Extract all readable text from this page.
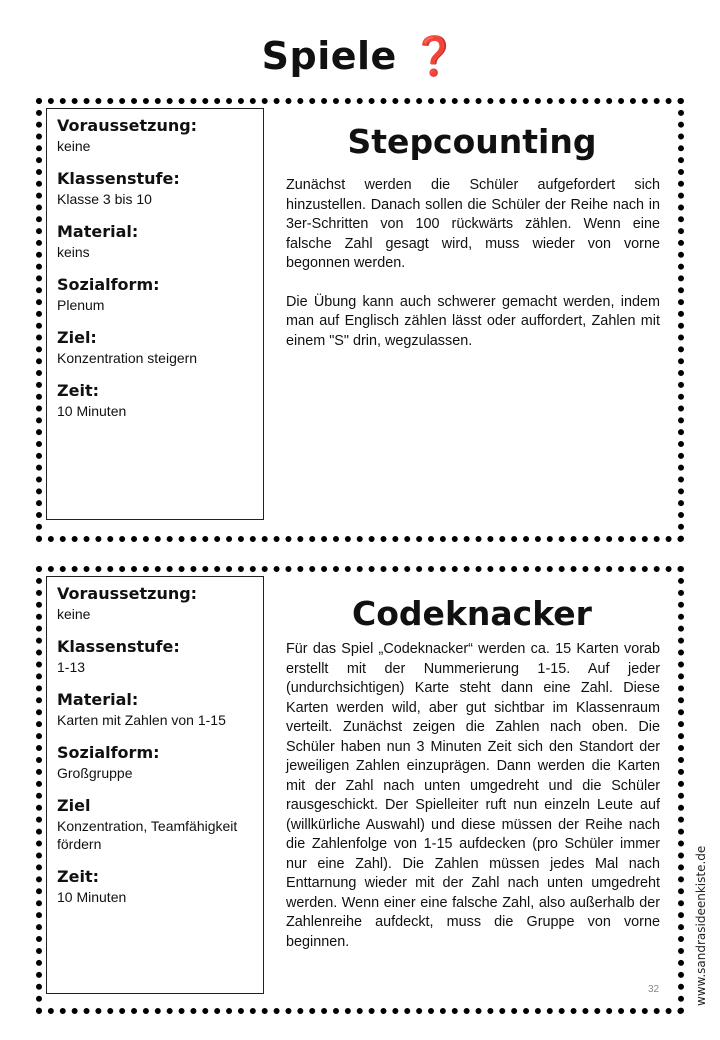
Spiele ❓
Voraussetzung:
keine
Klassenstufe:
Klasse 3 bis 10
Material:
keins
Sozialform:
Plenum
Ziel:
Konzentration steigern
Zeit:
10 Minuten
Stepcounting

Zunächst werden die Schüler aufgefordert sich hinzustellen. Danach sollen die Schüler der Reihe nach in 3er-Schritten von 100 rückwärts zählen. Wenn eine falsche Zahl gesagt wird, muss wieder von vorne begonnen werden.

Die Übung kann auch schwerer gemacht werden, indem man auf Englisch zählen lässt oder auffordert, Zahlen mit einem "S" drin, wegzulassen.

Voraussetzung:
keine
Klassenstufe:
1-13
Material:
Karten mit Zahlen von 1-15
Sozialform:
Großgruppe
Ziel
Konzentration, Teamfähigkeit fördern
Zeit:
10 Minuten
Codeknacker

Für das Spiel „Codeknacker“ werden ca. 15 Karten vorab erstellt mit der Nummerierung 1-15. Auf jeder (undurchsichtigen) Karte steht dann eine Zahl. Diese Karten werden wild, aber gut sichtbar im Klassenraum verteilt. Zunächst zeigen die Zahlen nach oben. Die Schüler haben nun 3 Minuten Zeit sich den Standort der jeweiligen Zahlen einzuprägen. Dann werden die Karten mit der Zahl nach unten umgedreht und die Schüler rausgeschickt. Der Spielleiter ruft nun einzeln Leute auf (willkürliche Auswahl) und diese müssen der Reihe nach die Zahlenfolge von 1-15 aufdecken (pro Schüler immer nur eine Zahl). Die Zahlen müssen jedes Mal nach Enttarnung wieder mit der Zahl nach unten umgedreht werden. Wenn einer eine falsche Zahl, also außerhalb der Zahlenreihe aufdeckt, muss die Gruppe von vorne beginnen.

32	www.sandrasideenkiste.de
